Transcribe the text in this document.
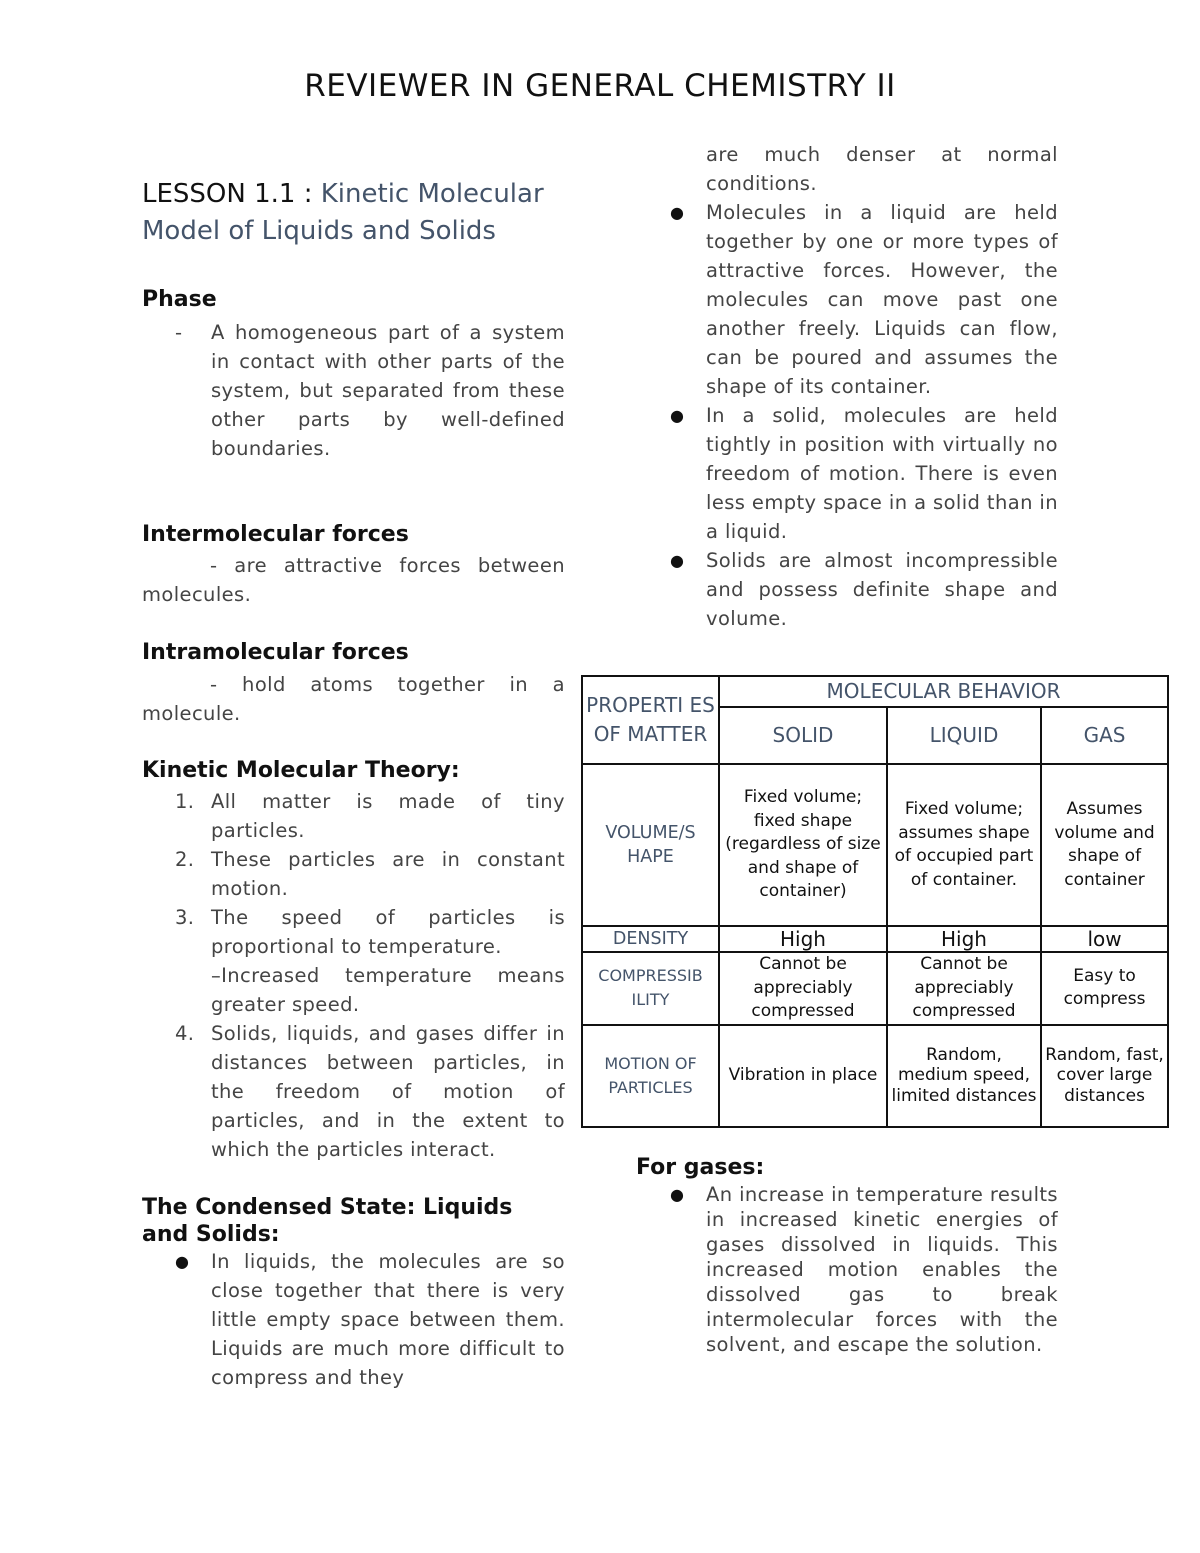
REVIEWER IN GENERAL CHEMISTRY II
LESSON 1.1 : Kinetic Molecular Model of Liquids and Solids
Phase
- A homogeneous part of a system in contact with other parts of the system, but separated from these other parts by well-defined boundaries.
Intermolecular forces
- are attractive forces between molecules.
Intramolecular forces
- hold atoms together in a molecule.
Kinetic Molecular Theory:
1. All matter is made of tiny particles.
2. These particles are in constant motion.
3. The speed of particles is proportional to temperature.
–Increased temperature means greater speed.
4. Solids, liquids, and gases differ in distances between particles, in the freedom of motion of particles, and in the extent to which the particles interact.
The Condensed State: Liquids and Solids:
● In liquids, the molecules are so close together that there is very little empty space between them. Liquids are much more difficult to compress and they
are much denser at normal conditions.
● Molecules in a liquid are held together by one or more types of attractive forces. However, the molecules can move past one another freely. Liquids can flow, can be poured and assumes the shape of its container.
● In a solid, molecules are held tightly in position with virtually no freedom of motion. There is even less empty space in a solid than in a liquid.
● Solids are almost incompressible and possess definite shape and volume.
PROPERTI ES OF MATTER	MOLECULAR BEHAVIOR		
	SOLID	LIQUID	GAS
VOLUME/S HAPE	Fixed volume; fixed shape (regardless of size and shape of container)	Fixed volume; assumes shape of occupied part of container.	Assumes volume and shape of container
DENSITY	High	High	low
COMPRESSIB ILITY	Cannot be appreciably compressed	Cannot be appreciably compressed	Easy to compress
MOTION OF PARTICLES	Vibration in place	Random, medium speed, limited distances	Random, fast, cover large distances
For gases:
● An increase in temperature results in increased kinetic energies of gases dissolved in liquids. This increased motion enables the dissolved gas to break intermolecular forces with the solvent, and escape the solution.
